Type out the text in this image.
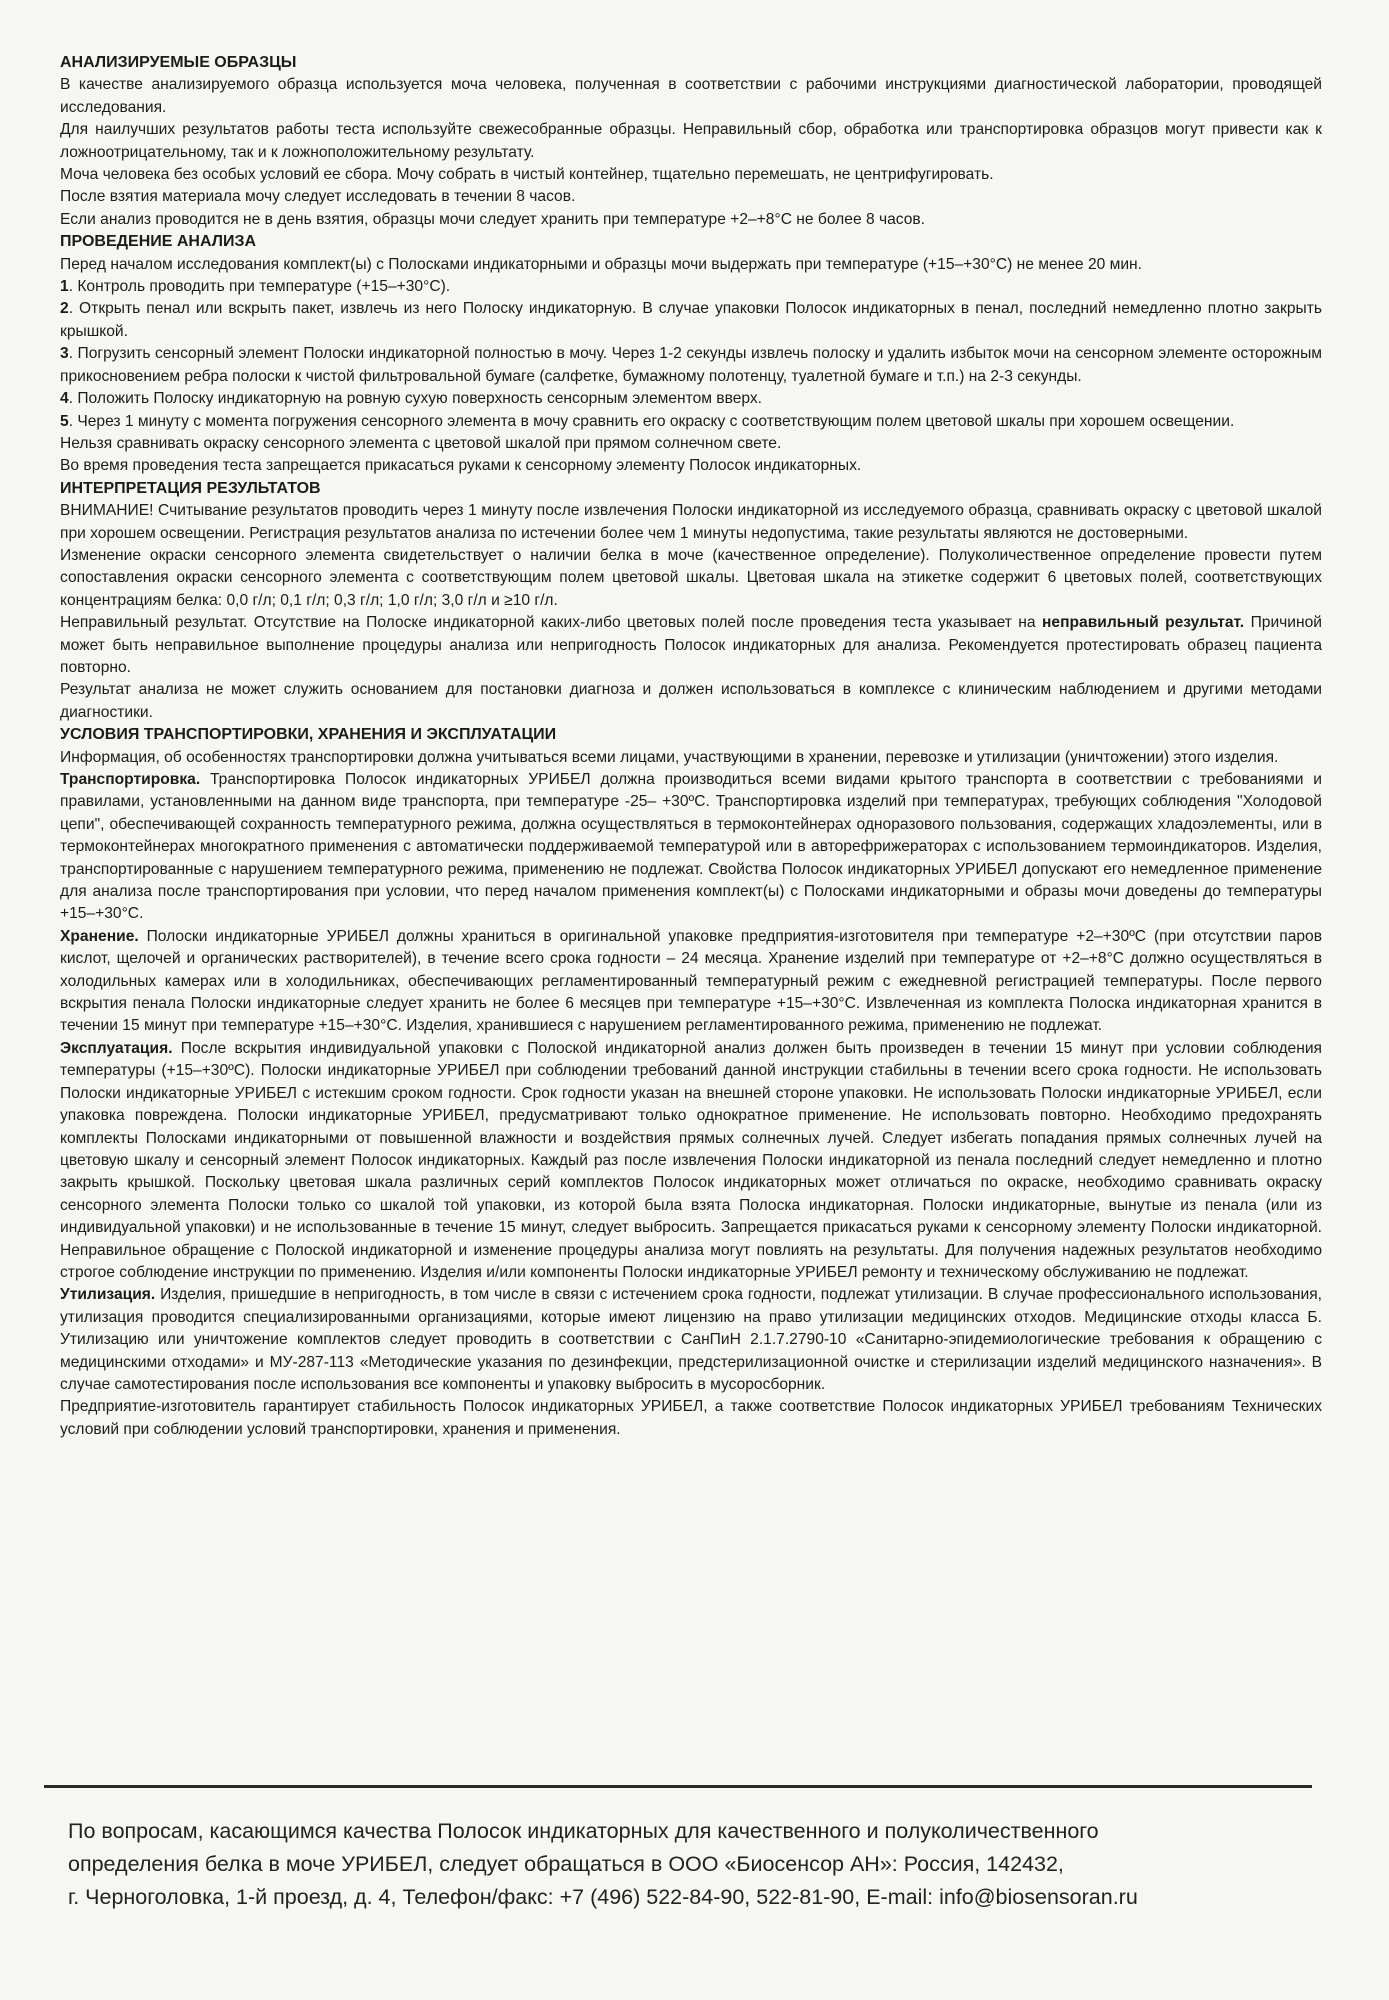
АНАЛИЗИРУЕМЫЕ ОБРАЗЦЫ

В качестве анализируемого образца используется моча человека, полученная в соответствии с рабочими инструкциями диагностической лаборатории, проводящей исследования.

Для наилучших результатов работы теста используйте свежесобранные образцы. Неправильный сбор, обработка или транспортировка образцов могут привести как к ложноотрицательному, так и к ложноположительному результату.

Моча человека без особых условий ее сбора. Мочу собрать в чистый контейнер, тщательно перемешать, не центрифугировать.

После взятия материала мочу следует исследовать в течении 8 часов.

Если анализ проводится не в день взятия, образцы мочи следует хранить при температуре +2–+8°С не более 8 часов.

ПРОВЕДЕНИЕ АНАЛИЗА

Перед началом исследования комплект(ы) с Полосками индикаторными и образцы мочи выдержать при температуре (+15–+30°С) не менее 20 мин.

1. Контроль проводить при температуре (+15–+30°С).

2. Открыть пенал или вскрыть пакет, извлечь из него Полоску индикаторную. В случае упаковки Полосок индикаторных в пенал, последний немедленно плотно закрыть крышкой.

3. Погрузить сенсорный элемент Полоски индикаторной полностью в мочу. Через 1-2 секунды извлечь полоску и удалить избыток мочи на сенсорном элементе осторожным прикосновением ребра полоски к чистой фильтровальной бумаге (салфетке, бумажному полотенцу, туалетной бумаге и т.п.) на 2-3 секунды.

4. Положить Полоску индикаторную на ровную сухую поверхность сенсорным элементом вверх.

5. Через 1 минуту с момента погружения сенсорного элемента в мочу сравнить его окраску с соответствующим полем цветовой шкалы при хорошем освещении.

Нельзя сравнивать окраску сенсорного элемента с цветовой шкалой при прямом солнечном свете.

Во время проведения теста запрещается прикасаться руками к сенсорному элементу Полосок индикаторных.

ИНТЕРПРЕТАЦИЯ РЕЗУЛЬТАТОВ

ВНИМАНИЕ! Считывание результатов проводить через 1 минуту после извлечения Полоски индикаторной из исследуемого образца, сравнивать окраску с цветовой шкалой при хорошем освещении. Регистрация результатов анализа по истечении более чем 1 минуты недопустима, такие результаты являются не достоверными.

Изменение окраски сенсорного элемента свидетельствует о наличии белка в моче (качественное определение). Полуколичественное определение провести путем сопоставления окраски сенсорного элемента с соответствующим полем цветовой шкалы. Цветовая шкала на этикетке содержит 6 цветовых полей, соответствующих концентрациям белка: 0,0 г/л; 0,1 г/л; 0,3 г/л; 1,0 г/л; 3,0 г/л и ≥10 г/л.

Неправильный результат. Отсутствие на Полоске индикаторной каких-либо цветовых полей после проведения теста указывает на неправильный результат. Причиной может быть неправильное выполнение процедуры анализа или непригодность Полосок индикаторных для анализа. Рекомендуется протестировать образец пациента повторно.

Результат анализа не может служить основанием для постановки диагноза и должен использоваться в комплексе с клиническим наблюдением и другими методами диагностики.

УСЛОВИЯ ТРАНСПОРТИРОВКИ, ХРАНЕНИЯ И ЭКСПЛУАТАЦИИ

Информация, об особенностях транспортировки должна учитываться всеми лицами, участвующими в хранении, перевозке и утилизации (уничтожении) этого изделия.

Транспортировка. Транспортировка Полосок индикаторных УРИБЕЛ должна производиться всеми видами крытого транспорта в соответствии с требованиями и правилами, установленными на данном виде транспорта, при температуре -25– +30ºС. Транспортировка изделий при температурах, требующих соблюдения "Холодовой цепи", обеспечивающей сохранность температурного режима, должна осуществляться в термоконтейнерах одноразового пользования, содержащих хладоэлементы, или в термоконтейнерах многократного применения с автоматически поддерживаемой температурой или в авторефрижераторах с использованием термоиндикаторов. Изделия, транспортированные с нарушением температурного режима, применению не подлежат. Свойства Полосок индикаторных УРИБЕЛ допускают его немедленное применение для анализа после транспортирования при условии, что перед началом применения комплект(ы) с Полосками индикаторными и образы мочи доведены до температуры +15–+30°С.

Хранение. Полоски индикаторные УРИБЕЛ должны храниться в оригинальной упаковке предприятия-изготовителя при температуре +2–+30ºС (при отсутствии паров кислот, щелочей и органических растворителей), в течение всего срока годности – 24 месяца. Хранение изделий при температуре от +2–+8°С должно осуществляться в холодильных камерах или в холодильниках, обеспечивающих регламентированный температурный режим с ежедневной регистрацией температуры. После первого вскрытия пенала Полоски индикаторные следует хранить не более 6 месяцев при температуре +15–+30°С. Извлеченная из комплекта Полоска индикаторная хранится в течении 15 минут при температуре +15–+30°С. Изделия, хранившиеся с нарушением регламентированного режима, применению не подлежат.

Эксплуатация. После вскрытия индивидуальной упаковки с Полоской индикаторной анализ должен быть произведен в течении 15 минут при условии соблюдения температуры (+15–+30ºС). Полоски индикаторные УРИБЕЛ при соблюдении требований данной инструкции стабильны в течении всего срока годности. Не использовать Полоски индикаторные УРИБЕЛ с истекшим сроком годности. Срок годности указан на внешней стороне упаковки. Не использовать Полоски индикаторные УРИБЕЛ, если упаковка повреждена. Полоски индикаторные УРИБЕЛ, предусматривают только однократное применение. Не использовать повторно. Необходимо предохранять комплекты Полосками индикаторными от повышенной влажности и воздействия прямых солнечных лучей. Следует избегать попадания прямых солнечных лучей на цветовую шкалу и сенсорный элемент Полосок индикаторных. Каждый раз после извлечения Полоски индикаторной из пенала последний следует немедленно и плотно закрыть крышкой. Поскольку цветовая шкала различных серий комплектов Полосок индикаторных может отличаться по окраске, необходимо сравнивать окраску сенсорного элемента Полоски только со шкалой той упаковки, из которой была взята Полоска индикаторная. Полоски индикаторные, вынутые из пенала (или из индивидуальной упаковки) и не использованные в течение 15 минут, следует выбросить. Запрещается прикасаться руками к сенсорному элементу Полоски индикаторной. Неправильное обращение с Полоской индикаторной и изменение процедуры анализа могут повлиять на результаты. Для получения надежных результатов необходимо строгое соблюдение инструкции по применению. Изделия и/или компоненты Полоски индикаторные УРИБЕЛ ремонту и техническому обслуживанию не подлежат.

Утилизация. Изделия, пришедшие в непригодность, в том числе в связи с истечением срока годности, подлежат утилизации. В случае профессионального использования, утилизация проводится специализированными организациями, которые имеют лицензию на право утилизации медицинских отходов. Медицинские отходы класса Б. Утилизацию или уничтожение комплектов следует проводить в соответствии с СанПиН 2.1.7.2790-10 «Санитарно-эпидемиологические требования к обращению с медицинскими отходами» и МУ-287-113 «Методические указания по дезинфекции, предстерилизационной очистке и стерилизации изделий медицинского назначения». В случае самотестирования после использования все компоненты и упаковку выбросить в мусоросборник.

Предприятие-изготовитель гарантирует стабильность Полосок индикаторных УРИБЕЛ, а также соответствие Полосок индикаторных УРИБЕЛ требованиям Технических условий при соблюдении условий транспортировки, хранения и применения.

По вопросам, касающимся качества Полосок индикаторных для качественного и полуколичественного

определения белка в моче УРИБЕЛ, следует обращаться в ООО «Биосенсор АН»: Россия, 142432,

г. Черноголовка, 1-й проезд, д. 4, Телефон/факс: +7 (496) 522-84-90, 522-81-90, E-mail: info@biosensoran.ru
